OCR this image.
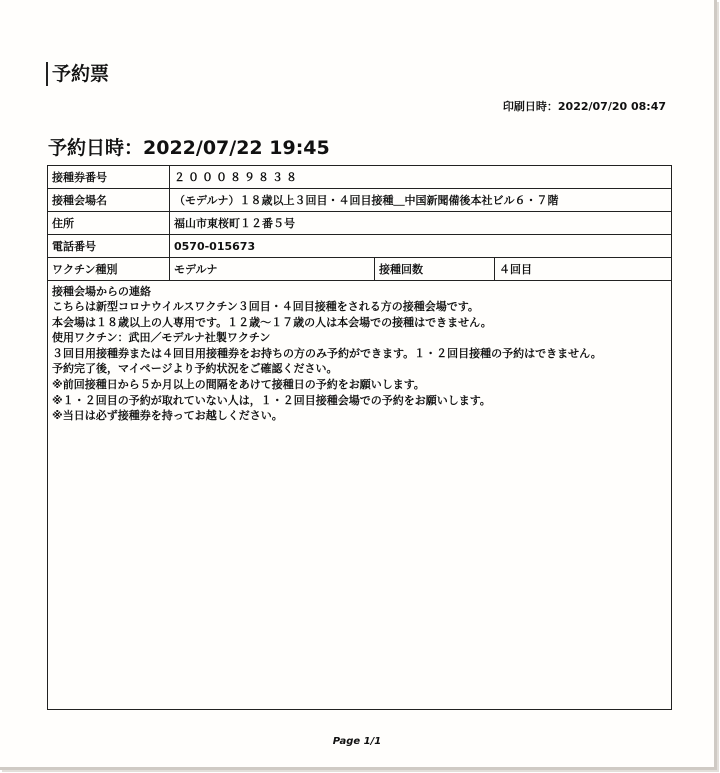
予約票
印刷日時：2022/07/20 08:47
予約日時：2022/07/22 19:45
接種券番号	２０００８９８３８
接種会場名	（モデルナ）１８歳以上３回目・４回目接種＿中国新聞備後本社ビル６・７階
住所	福山市東桜町１２番５号
電話番号	0570-015673
ワクチン種別	モデルナ	接種回数	４回目
接種会場からの連絡
こちらは新型コロナウイルスワクチン３回目・４回目接種をされる方の接種会場です。
本会場は１８歳以上の人専用です。１２歳～１７歳の人は本会場での接種はできません。
使用ワクチン：武田／モデルナ社製ワクチン
３回目用接種券または４回目用接種券をお持ちの方のみ予約ができます。１・２回目接種の予約はできません。
予約完了後，マイページより予約状況をご確認ください。
※前回接種日から５か月以上の間隔をあけて接種日の予約をお願いします。
※１・２回目の予約が取れていない人は，１・２回目接種会場での予約をお願いします。
※当日は必ず接種券を持ってお越しください。
Page 1/1
